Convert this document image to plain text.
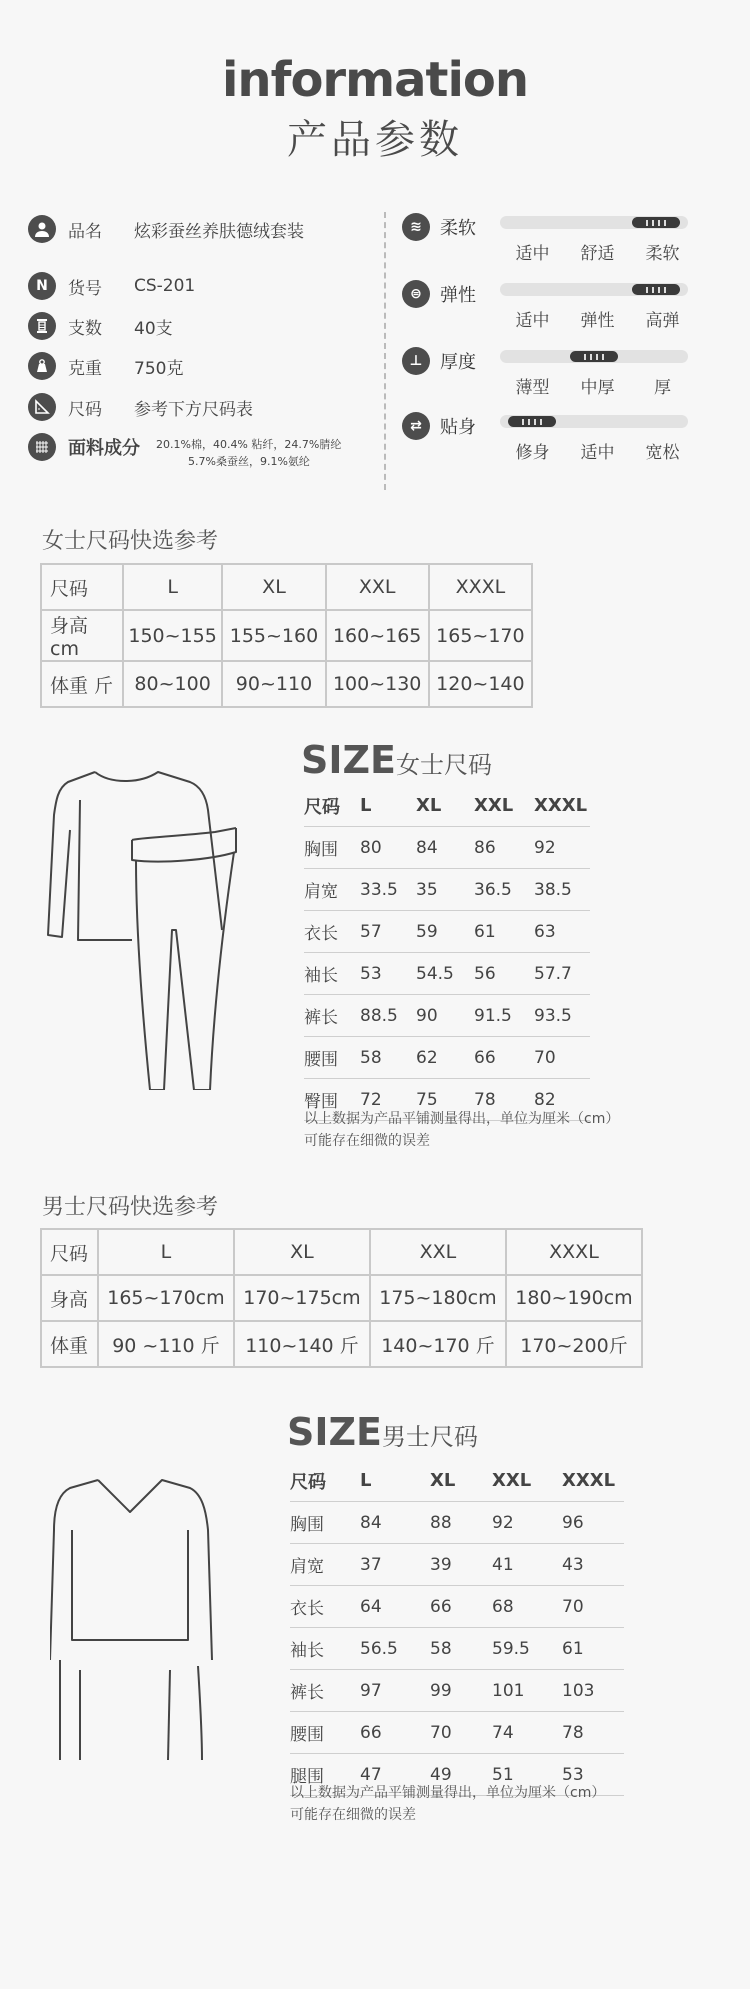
information
产品参数
品名	炫彩蚕丝养肤德绒套装
N	货号	CS-201
支数	40支
克重	750克
尺码	参考下方尺码表
面料成分 20.1%棉，40.4% 粘纤，24.7%腈纶
5.7%桑蚕丝，9.1%氨纶
≋	柔软
适中	舒适	柔软
⊜	弹性
适中	弹性	高弹
⊥ 厚度
薄型	中厚	厚
⇄	贴身
修身	适中	宽松
女士尺码快选参考
尺码	L	XL	XXL	XXXL
身高 cm	150~155	155~160	160~165	165~170
体重 斤	80~100	90~110	100~130	120~140
SIZE女士尺码
尺码	L	XL	XXL	XXXL
胸围	80	84	86	92
肩宽	33.5	35	36.5	38.5
衣长	57	59	61	63
袖长	53	54.5	56	57.7
裤长	88.5	90	91.5	93.5
腰围	58	62	66	70
臀围	72	75	78	82
以上数据为产品平铺测量得出，单位为厘米（cm）
可能存在细微的误差
男士尺码快选参考
尺码	L	XL	XXL	XXXL
身高	165~170cm	170~175cm	175~180cm	180~190cm
体重	90 ~110 斤	110~140 斤	140~170 斤	170~200斤
SIZE男士尺码
尺码	L	XL	XXL	XXXL
胸围	84	88	92	96
肩宽	37	39	41	43
衣长	64	66	68	70
袖长	56.5	58	59.5	61
裤长	97	99	101	103
腰围	66	70	74	78
腿围	47	49	51	53
以上数据为产品平铺测量得出，单位为厘米（cm）
可能存在细微的误差
